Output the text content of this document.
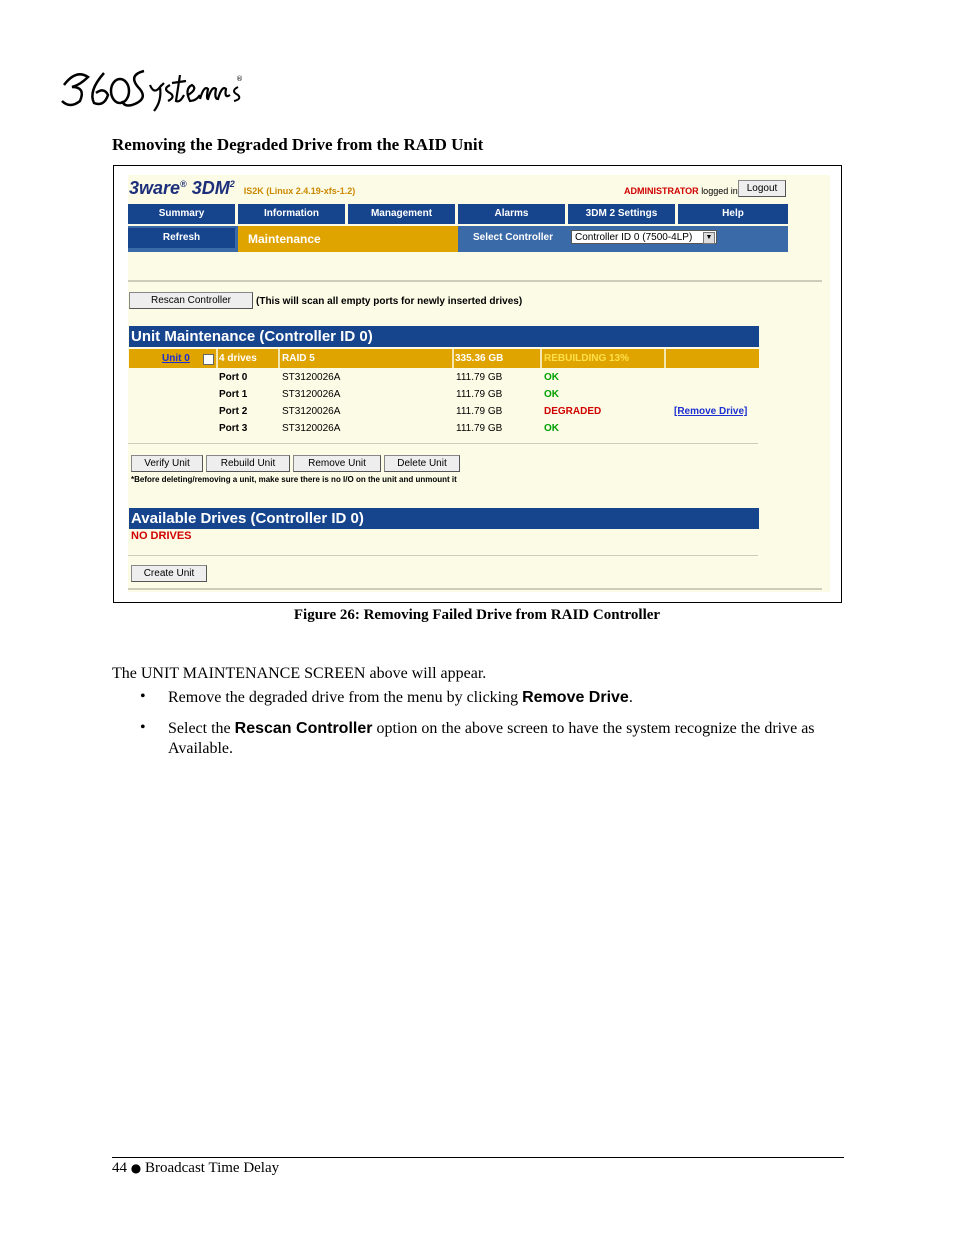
®
Removing the Degraded Drive from the RAID Unit
3ware® $3DM^2$ IS2K (Linux 2.4.19-xfs-1.2)	ADMINISTRATOR logged in Logout
Summary	Information	Management	Alarms	3DM 2 Settings	Help
Refresh	Maintenance	Select Controller	Controller ID 0 (7500-4LP)	▼
Rescan Controller	(This will scan all empty ports for newly inserted drives)
Unit Maintenance (Controller ID 0)
Unit 0	4 drives	RAID 5	335.36 GB	REBUILDING 13%
Port 0	ST3120026A	111.79 GB	OK
Port 1	ST3120026A	111.79 GB	OK
Port 2	ST3120026A	111.79 GB	DEGRADED	[Remove Drive]
Port 3	ST3120026A	111.79 GB	OK
Verify Unit	Rebuild Unit	Remove Unit	Delete Unit
*Before deleting/removing a unit, make sure there is no I/O on the unit and unmount it
Available Drives (Controller ID 0)
NO DRIVES
Create Unit
Figure 26: Removing Failed Drive from RAID Controller
The UNIT MAINTENANCE SCREEN above will appear.
• Remove the degraded drive from the menu by clicking Remove Drive.
• Select the Rescan Controller option on the above screen to have the system recognize the drive as Available.
44 ● Broadcast Time Delay
